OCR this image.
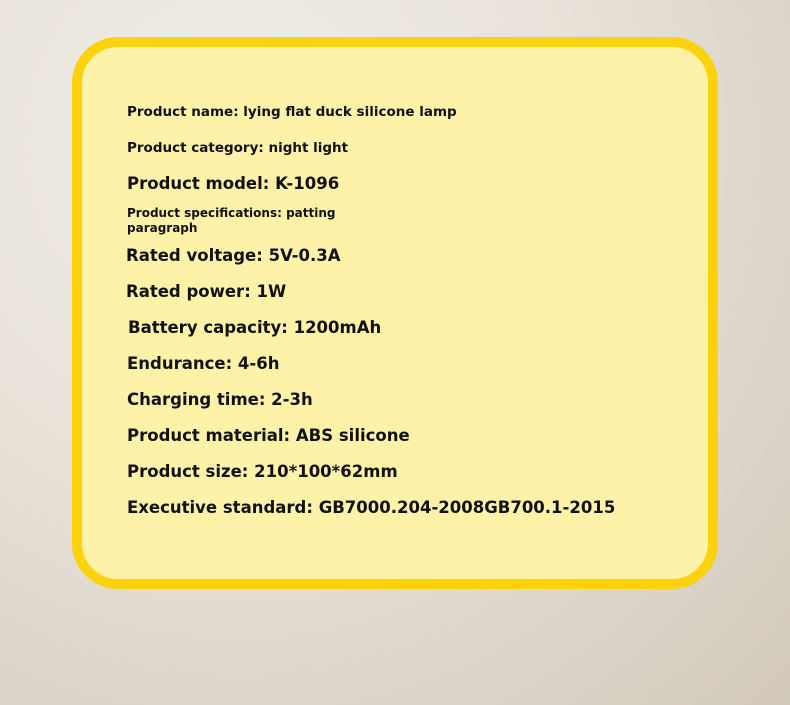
Product name: lying flat duck silicone lamp
Product category: night light
Product model: K-1096
Product specifications: patting paragraph
Rated voltage: 5V-0.3A
Rated power: 1W
Battery capacity: 1200mAh
Endurance: 4-6h
Charging time: 2-3h
Product material: ABS silicone
Product size: 210*100*62mm
Executive standard: GB7000.204-2008GB700.1-2015
